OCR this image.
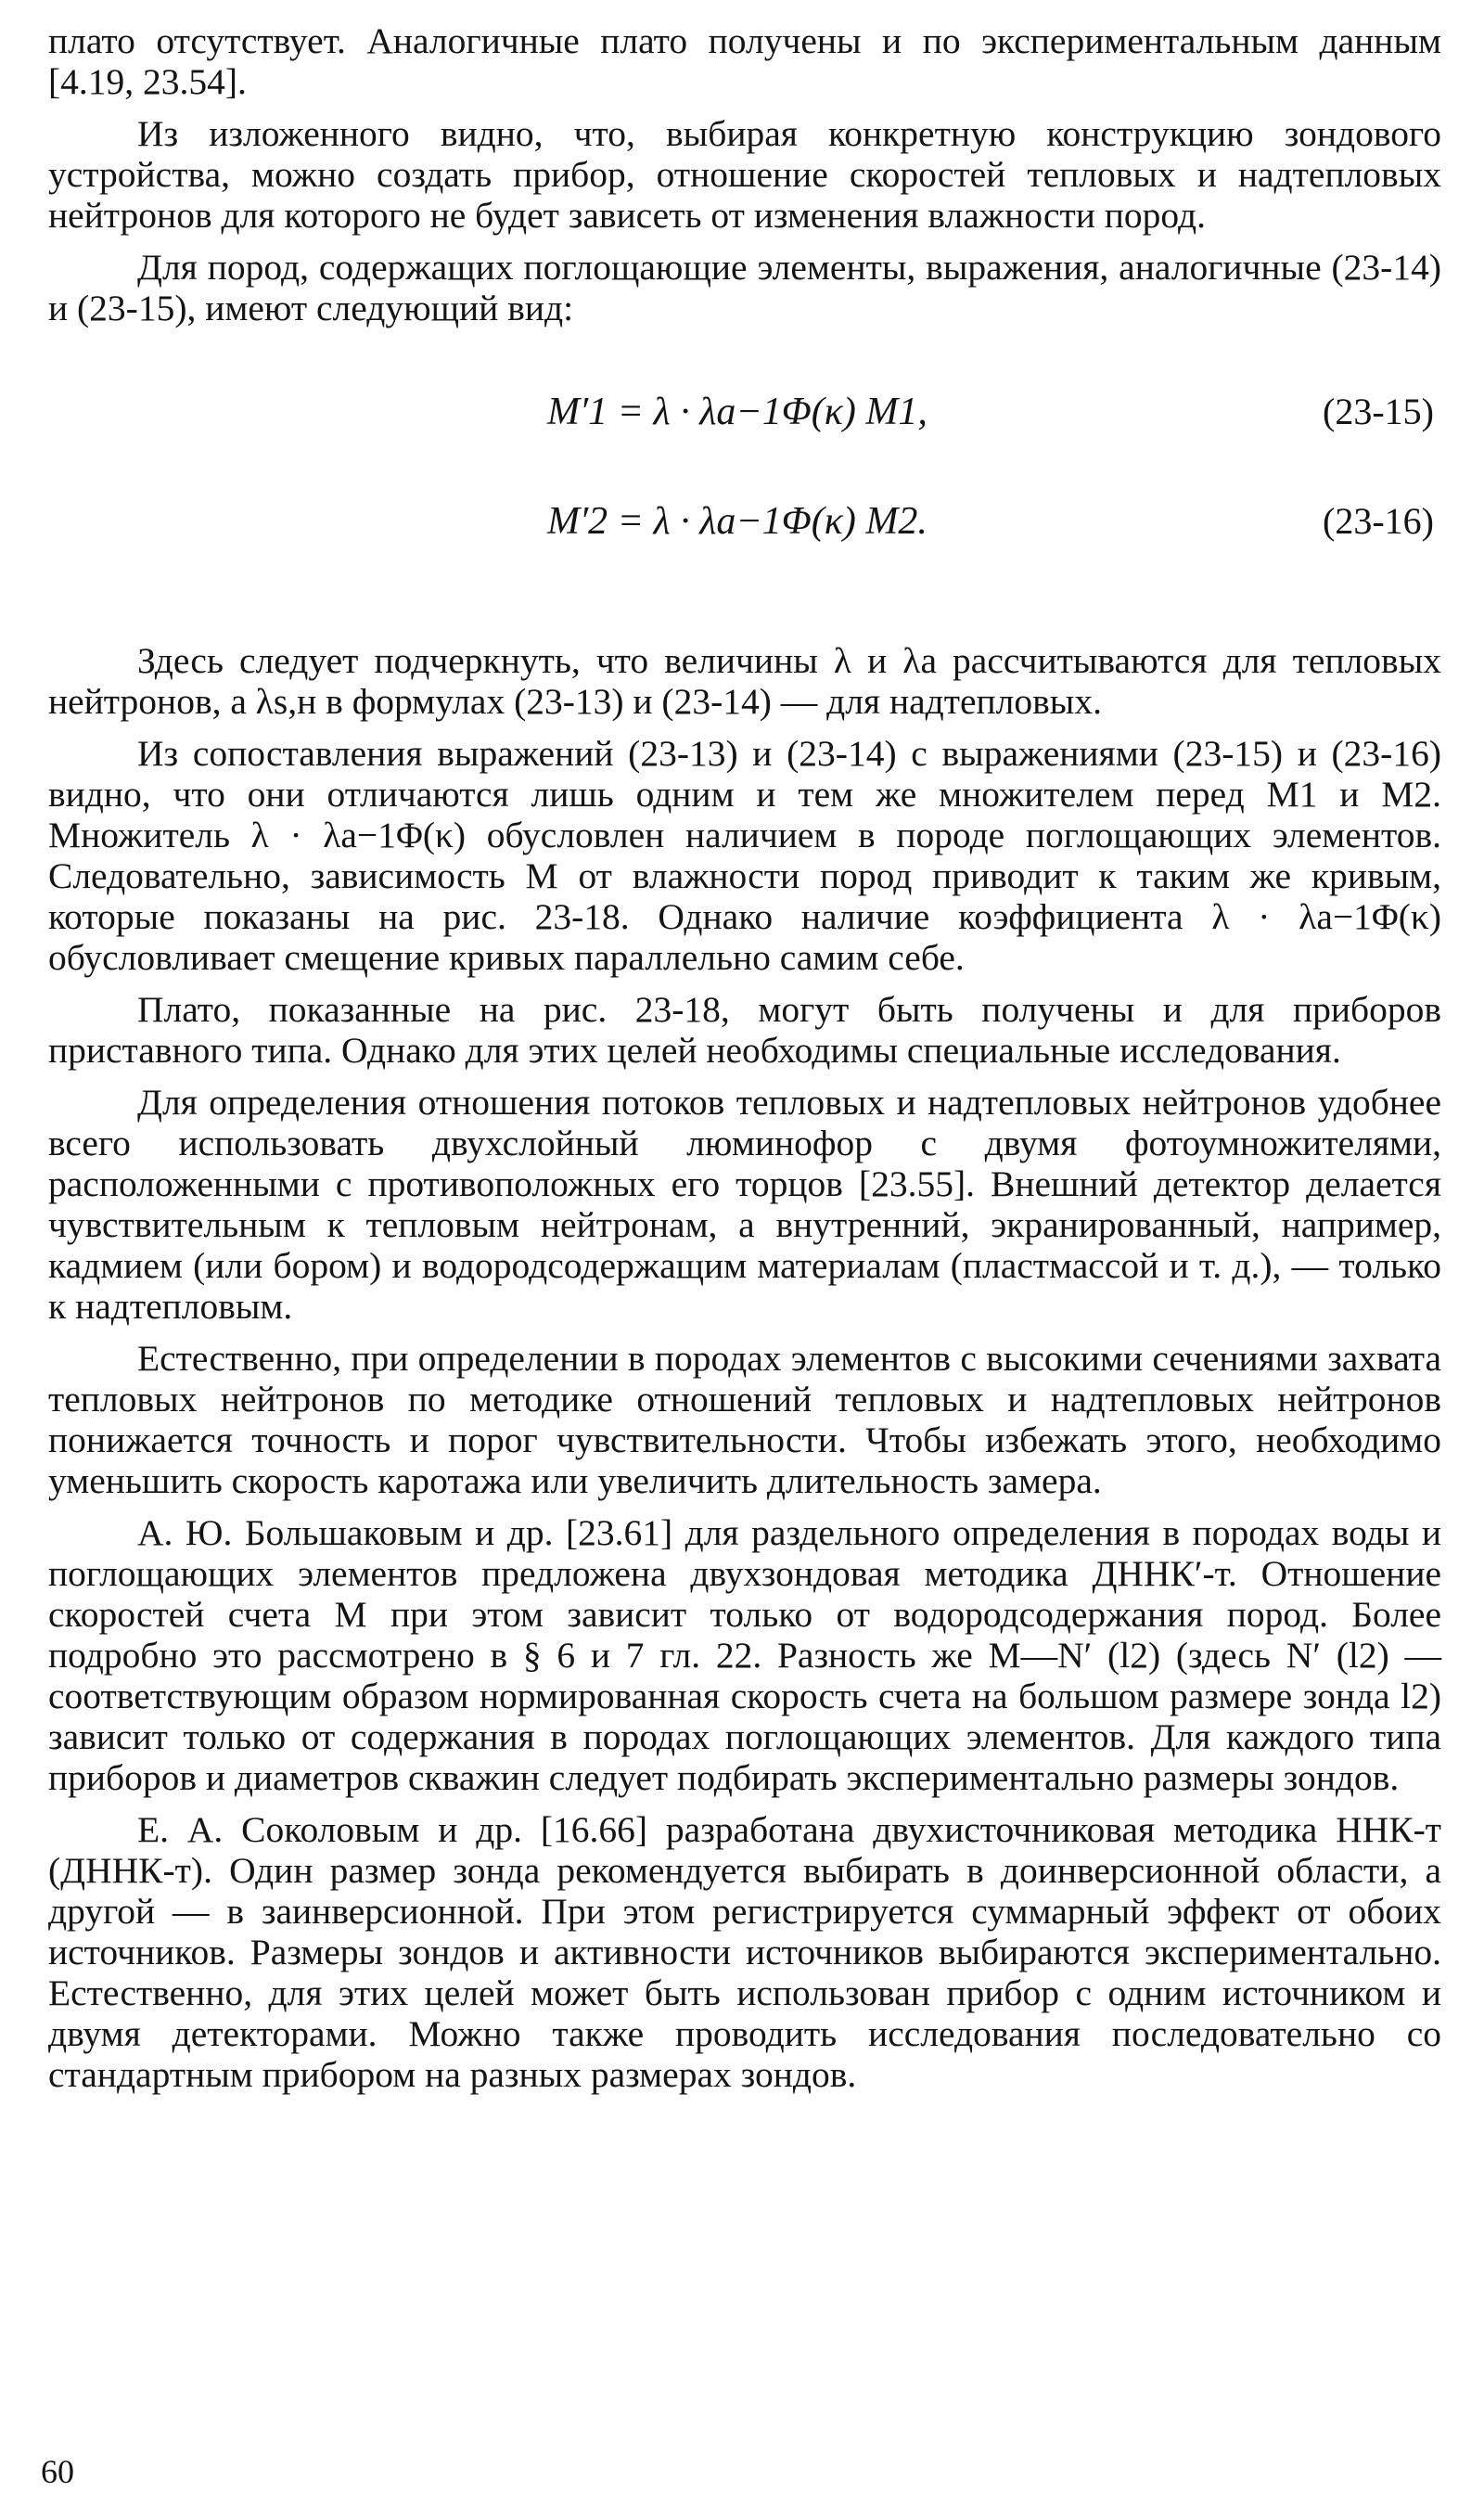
плато отсутствует. Аналогичные плато получены и по экспериментальным данным [4.19, 23.54].

Из изложенного видно, что, выбирая конкретную конструкцию зондового устройства, можно создать прибор, отношение скоростей тепловых и надтепловых нейтронов для которого не будет зависеть от изменения влажности пород.

Для пород, содержащих поглощающие элементы, выражения, аналогичные (23-14) и (23-15), имеют следующий вид:

M′1 = λ · λa−1Φ(κ) M1,	(23-15)
M′2 = λ · λa−1Φ(κ) M2.	(23-16)

Здесь следует подчеркнуть, что величины λ и λa рассчитываются для тепловых нейтронов, а λs,н в формулах (23-13) и (23-14) — для надтепловых.

Из сопоставления выражений (23-13) и (23-14) с выражениями (23-15) и (23-16) видно, что они отличаются лишь одним и тем же множителем перед M1 и M2. Множитель λ · λa−1Φ(κ) обусловлен наличием в породе поглощающих элементов. Следовательно, зависимость M от влажности пород приводит к таким же кривым, которые показаны на рис. 23-18. Однако наличие коэффициента λ · λa−1Φ(κ) обусловливает смещение кривых параллельно самим себе.

Плато, показанные на рис. 23-18, могут быть получены и для приборов приставного типа. Однако для этих целей необходимы специальные исследования.

Для определения отношения потоков тепловых и надтепловых нейтронов удобнее всего использовать двухслойный люминофор с двумя фотоумножителями, расположенными с противоположных его торцов [23.55]. Внешний детектор делается чувствительным к тепловым нейтронам, а внутренний, экранированный, например, кадмием (или бором) и водородсодержащим материалам (пластмассой и т. д.), — только к надтепловым.

Естественно, при определении в породах элементов с высокими сечениями захвата тепловых нейтронов по методике отношений тепловых и надтепловых нейтронов понижается точность и порог чувствительности. Чтобы избежать этого, необходимо уменьшить скорость каротажа или увеличить длительность замера.

А. Ю. Большаковым и др. [23.61] для раздельного определения в породах воды и поглощающих элементов предложена двухзондовая методика ДННК′-т. Отношение скоростей счета M при этом зависит только от водородсодержания пород. Более подробно это рассмотрено в § 6 и 7 гл. 22. Разность же M—N′ (l2) (здесь N′ (l2) — соответствующим образом нормированная скорость счета на большом размере зонда l2) зависит только от содержания в породах поглощающих элементов. Для каждого типа приборов и диаметров скважин следует подбирать экспериментально размеры зондов.

Е. А. Соколовым и др. [16.66] разработана двухисточниковая методика ННК-т (ДННК-т). Один размер зонда рекомендуется выбирать в доинверсионной области, а другой — в заинверсионной. При этом регистрируется суммарный эффект от обоих источников. Размеры зондов и активности источников выбираются экспериментально. Естественно, для этих целей может быть использован прибор с одним источником и двумя детекторами. Можно также проводить исследования последовательно со стандартным прибором на разных размерах зондов.

60
